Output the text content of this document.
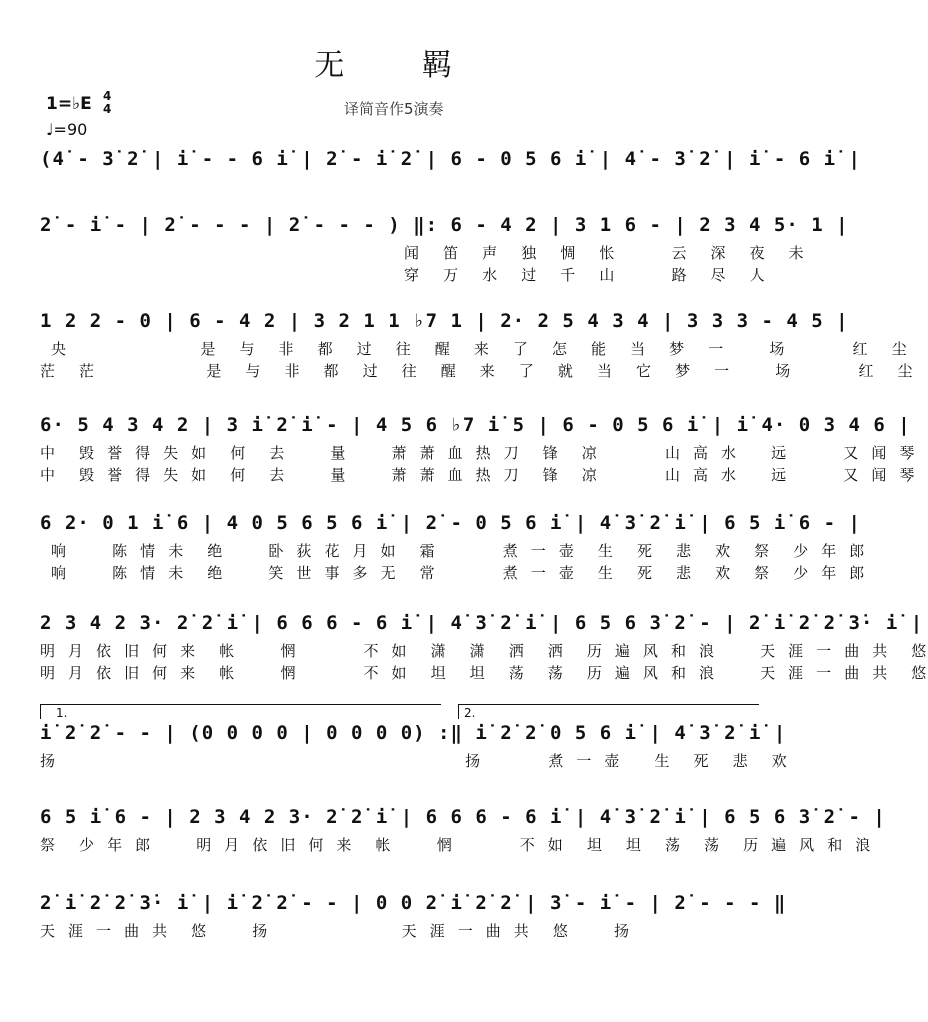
无 羁
1=♭E 4
4
♩=90
译简音作5演奏
(4̇ - 3̇ 2̇ | i̇ - - 6 i̇ | 2̇ - i̇ 2̇ | 6 - 0 5 6 i̇ | 4̇ - 3̇ 2̇ | i̇ - 6 i̇ |
2̇ - i̇ - | 2̇ - - - | 2̇ - - - ) ‖: 6 - 4 2 | 3 1 6 - | 2 3 4 5· 1 |
闻  笛  声  独  惆  怅     云  深  夜  未
穿  万  水  过  千  山     路  尽  人
1 2 2 - 0 | 6 - 4 2 | 3 2 1 1 ♭7 1 | 2· 2 5 4 3 4 | 3 3 3 - 4 5 |
央            是  与  非  都  过  往  醒  来  了  怎  能  当  梦  一    场      红  尘
茫  茫          是  与  非  都  过  往  醒  来  了  就  当  它  梦  一    场      红  尘
6· 5 4 3 4 2 | 3 i̇ 2̇ i̇ - | 4 5 6 ♭7 i̇ 5 | 6 - 0 5 6 i̇ | i̇ 4· 0 3 4 6 |
中  毁 誉 得 失 如  何  去    量    萧 萧 血 热 刀  锋  凉      山 高 水   远     又 闻 琴
中  毁 誉 得 失 如  何  去    量    萧 萧 血 热 刀  锋  凉      山 高 水   远     又 闻 琴
6 2· 0 1 i̇ 6 | 4 0 5 6 5 6 i̇ | 2̇ - 0 5 6 i̇ | 4̇ 3̇ 2̇ i̇ | 6 5 i̇ 6 - |
响    陈 情 未  绝    卧 荻 花 月 如  霜      煮 一 壶  生  死  悲  欢  祭  少 年 郎
响    陈 情 未  绝    笑 世 事 多 无  常      煮 一 壶  生  死  悲  欢  祭  少 年 郎
2 3 4 2 3· 2̇ 2̇ i̇ | 6 6 6 - 6 i̇ | 4̇ 3̇ 2̇ i̇ | 6 5 6 3̇ 2̇ - | 2̇ i̇ 2̇ 2̇ 3̇· i̇ |
明 月 依 旧 何 来  帐    惘      不 如  潇  潇  洒  洒  历 遍 风 和 浪    天 涯 一 曲 共  悠
明 月 依 旧 何 来  帐    惘      不 如  坦  坦  荡  荡  历 遍 风 和 浪    天 涯 一 曲 共  悠
1.	2.
i̇ 2̇ 2̇ - - | (0 0 0 0 | 0 0 0 0) :‖ i̇ 2̇ 2̇ 0 5 6 i̇ | 4̇ 3̇ 2̇ i̇ |
扬                                     扬      煮 一 壶   生  死  悲  欢
6 5 i̇ 6 - | 2 3 4 2 3· 2̇ 2̇ i̇ | 6 6 6 - 6 i̇ | 4̇ 3̇ 2̇ i̇ | 6 5 6 3̇ 2̇ - |
祭  少 年 郎    明 月 依 旧 何 来  帐    惘      不 如  坦  坦  荡  荡  历 遍 风 和 浪
2̇ i̇ 2̇ 2̇ 3̇· i̇ | i̇ 2̇ 2̇ - - | 0 0 2̇ i̇ 2̇ 2̇ | 3̇ - i̇ - | 2̇ - - - ‖
天 涯 一 曲 共  悠    扬            天 涯 一 曲 共  悠    扬
